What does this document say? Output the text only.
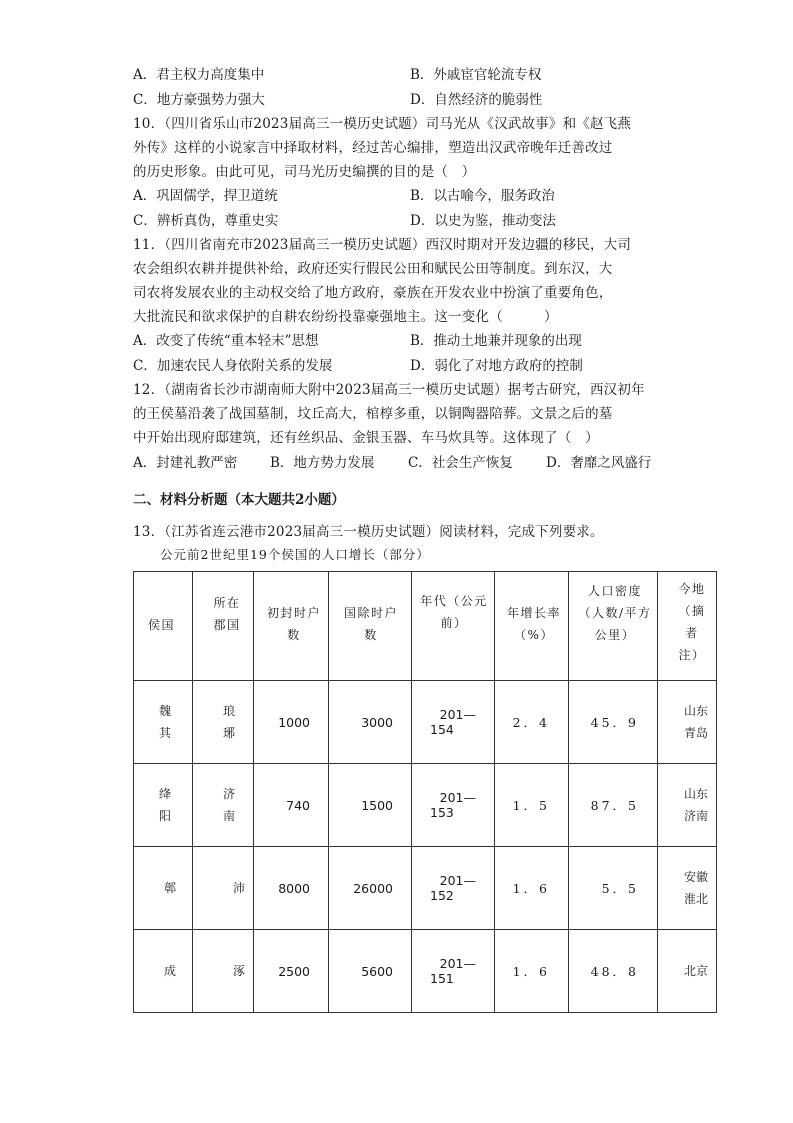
A．君主权力高度集中	B．外戚宦官轮流专权
C．地方豪强势力强大	D．自然经济的脆弱性
10．（四川省乐山市2023届高三一模历史试题）司马光从《汉武故事》和《赵飞燕
外传》这样的小说家言中择取材料，经过苦心编排，塑造出汉武帝晚年迁善改过
的历史形象。由此可见，司马光历史编撰的目的是（　）
A．巩固儒学，捍卫道统	B．以古喻今，服务政治
C．辨析真伪，尊重史实	D．以史为鉴，推动变法
11．（四川省南充市2023届高三一模历史试题）西汉时期对开发边疆的移民，大司
农会组织农耕并提供补给，政府还实行假民公田和赋民公田等制度。到东汉，大
司农将发展农业的主动权交给了地方政府，豪族在开发农业中扮演了重要角色，
大批流民和欲求保护的自耕农纷纷投靠豪强地主。这一变化（　　　）
A．改变了传统“重本轻末”思想	B．推动土地兼并现象的出现
C．加速农民人身依附关系的发展	D．弱化了对地方政府的控制
12．（湖南省长沙市湖南师大附中2023届高三一模历史试题）据考古研究，西汉初年
的王侯墓沿袭了战国墓制，坟丘高大，棺椁多重，以铜陶器陪葬。文景之后的墓
中开始出现府邸建筑，还有丝织品、金银玉器、车马炊具等。这体现了（　）
A．封建礼教严密 B．地方势力发展 C．社会生产恢复 D．奢靡之风盛行
二、材料分析题（本大题共2小题）
13．（江苏省连云港市2023届高三一模历史试题）阅读材料，完成下列要求。
公元前2世纪里19个侯国的人口增长（部分）
侯国	所在郡国	初封时户数	国除时户数	年代（公元前）	年增长率（%）	人口密度（人数/平方公里）	今地（摘者注）

魏其	琅琊	1000	3000	201—
154	2．4	45．9	山东青岛

绛阳	济南	740	1500	201—
153	1．5	87．5	山东济南

鄣	沛	8000	26000	201—
152	1．6	5．5	安徽淮北

成	涿	2500	5600	201—
151	1．6	48．8	北京
